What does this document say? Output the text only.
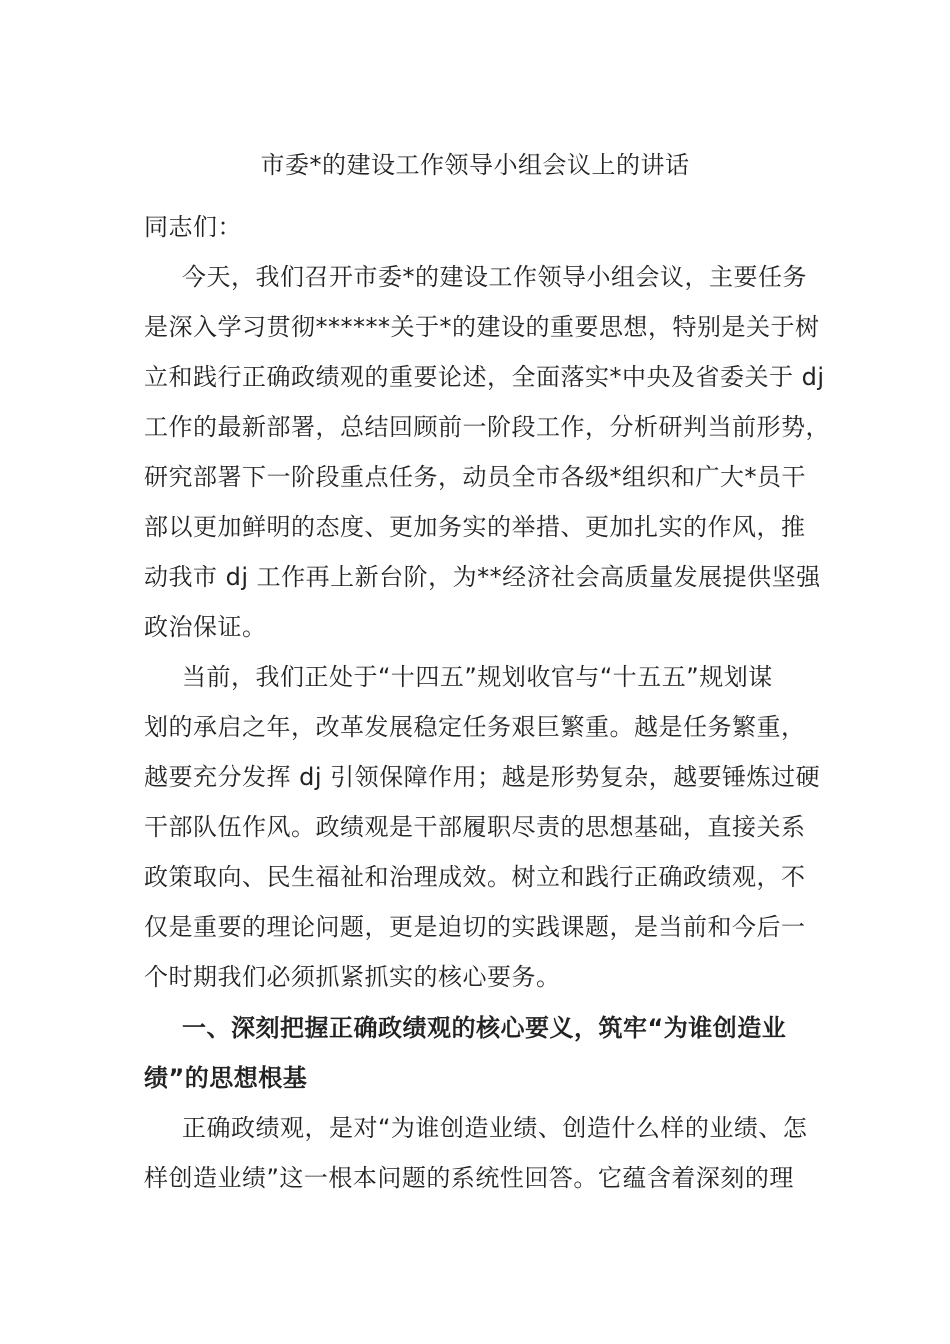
市委*的建设工作领导小组会议上的讲话
同志们：
今天，我们召开市委*的建设工作领导小组会议，主要任务
是深入学习贯彻******关于*的建设的重要思想，特别是关于树
立和践行正确政绩观的重要论述，全面落实*中央及省委关于 dj
工作的最新部署，总结回顾前一阶段工作，分析研判当前形势，
研究部署下一阶段重点任务，动员全市各级*组织和广大*员干
部以更加鲜明的态度、更加务实的举措、更加扎实的作风，推
动我市 dj 工作再上新台阶，为**经济社会高质量发展提供坚强
政治保证。
当前，我们正处于“十四五”规划收官与“十五五”规划谋
划的承启之年，改革发展稳定任务艰巨繁重。越是任务繁重，
越要充分发挥 dj 引领保障作用；越是形势复杂，越要锤炼过硬
干部队伍作风。政绩观是干部履职尽责的思想基础，直接关系
政策取向、民生福祉和治理成效。树立和践行正确政绩观，不
仅是重要的理论问题，更是迫切的实践课题，是当前和今后一
个时期我们必须抓紧抓实的核心要务。
一、深刻把握正确政绩观的核心要义，筑牢“为谁创造业
绩”的思想根基
正确政绩观，是对“为谁创造业绩、创造什么样的业绩、怎
样创造业绩”这一根本问题的系统性回答。它蕴含着深刻的理
